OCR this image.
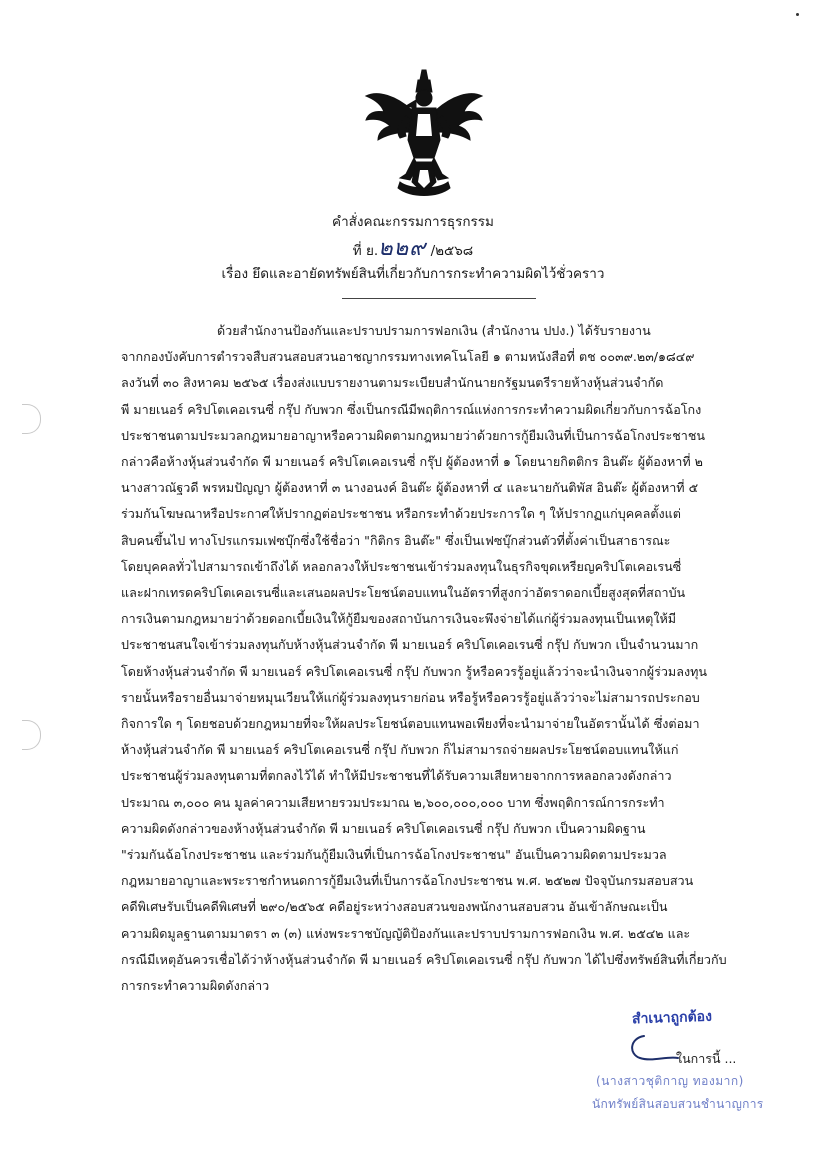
คำสั่งคณะกรรมการธุรกรรม
ที่ ย.๒๒๙ /๒๕๖๘
เรื่อง ยึดและอายัดทรัพย์สินที่เกี่ยวกับการกระทำความผิดไว้ชั่วคราว

ด้วยสำนักงานป้องกันและปราบปรามการฟอกเงิน (สำนักงาน ปปง.) ได้รับรายงาน

จากกองบังคับการตำรวจสืบสวนสอบสวนอาชญากรรมทางเทคโนโลยี ๑ ตามหนังสือที่ ตช ๐๐๓๙.๒๓/๑๘๔๙

ลงวันที่ ๓๐ สิงหาคม ๒๕๖๕ เรื่องส่งแบบรายงานตามระเบียบสำนักนายกรัฐมนตรีรายห้างหุ้นส่วนจำกัด

พี มายเนอร์ คริปโตเคอเรนซี่ กรุ๊ป กับพวก ซึ่งเป็นกรณีมีพฤติการณ์แห่งการกระทำความผิดเกี่ยวกับการฉ้อโกง

ประชาชนตามประมวลกฎหมายอาญาหรือความผิดตามกฎหมายว่าด้วยการกู้ยืมเงินที่เป็นการฉ้อโกงประชาชน

กล่าวคือห้างหุ้นส่วนจำกัด พี มายเนอร์ คริปโตเคอเรนซี่ กรุ๊ป ผู้ต้องหาที่ ๑ โดยนายกิตติกร อินต๊ะ ผู้ต้องหาที่ ๒

นางสาวณัฐวดี พรหมปัญญา ผู้ต้องหาที่ ๓ นางอนงค์ อินต๊ะ ผู้ต้องหาที่ ๔ และนายกันติพัส อินต๊ะ ผู้ต้องหาที่ ๕

ร่วมกันโฆษณาหรือประกาศให้ปรากฏต่อประชาชน หรือกระทำด้วยประการใด ๆ ให้ปรากฏแก่บุคคลตั้งแต่

สิบคนขึ้นไป ทางโปรแกรมเฟซบุ๊กซึ่งใช้ชื่อว่า "กิติกร อินต๊ะ" ซึ่งเป็นเฟซบุ๊กส่วนตัวที่ตั้งค่าเป็นสาธารณะ

โดยบุคคลทั่วไปสามารถเข้าถึงได้ หลอกลวงให้ประชาชนเข้าร่วมลงทุนในธุรกิจขุดเหรียญคริปโตเคอเรนซี่

และฝากเทรดคริปโตเคอเรนซี่และเสนอผลประโยชน์ตอบแทนในอัตราที่สูงกว่าอัตราดอกเบี้ยสูงสุดที่สถาบัน

การเงินตามกฎหมายว่าด้วยดอกเบี้ยเงินให้กู้ยืมของสถาบันการเงินจะพึงจ่ายได้แก่ผู้ร่วมลงทุนเป็นเหตุให้มี

ประชาชนสนใจเข้าร่วมลงทุนกับห้างหุ้นส่วนจำกัด พี มายเนอร์ คริปโตเคอเรนซี่ กรุ๊ป กับพวก เป็นจำนวนมาก

โดยห้างหุ้นส่วนจำกัด พี มายเนอร์ คริปโตเคอเรนซี่ กรุ๊ป กับพวก รู้หรือควรรู้อยู่แล้วว่าจะนำเงินจากผู้ร่วมลงทุน

รายนั้นหรือรายอื่นมาจ่ายหมุนเวียนให้แก่ผู้ร่วมลงทุนรายก่อน หรือรู้หรือควรรู้อยู่แล้วว่าจะไม่สามารถประกอบ

กิจการใด ๆ โดยชอบด้วยกฎหมายที่จะให้ผลประโยชน์ตอบแทนพอเพียงที่จะนำมาจ่ายในอัตรานั้นได้ ซึ่งต่อมา

ห้างหุ้นส่วนจำกัด พี มายเนอร์ คริปโตเคอเรนซี่ กรุ๊ป กับพวก ก็ไม่สามารถจ่ายผลประโยชน์ตอบแทนให้แก่

ประชาชนผู้ร่วมลงทุนตามที่ตกลงไว้ได้ ทำให้มีประชาชนที่ได้รับความเสียหายจากการหลอกลวงดังกล่าว

ประมาณ ๓,๐๐๐ คน มูลค่าความเสียหายรวมประมาณ ๒,๖๐๐,๐๐๐,๐๐๐ บาท ซึ่งพฤติการณ์การกระทำ

ความผิดดังกล่าวของห้างหุ้นส่วนจำกัด พี มายเนอร์ คริปโตเคอเรนซี่ กรุ๊ป กับพวก เป็นความผิดฐาน

"ร่วมกันฉ้อโกงประชาชน และร่วมกันกู้ยืมเงินที่เป็นการฉ้อโกงประชาชน" อันเป็นความผิดตามประมวล

กฎหมายอาญาและพระราชกำหนดการกู้ยืมเงินที่เป็นการฉ้อโกงประชาชน พ.ศ. ๒๕๒๗ ปัจจุบันกรมสอบสวน

คดีพิเศษรับเป็นคดีพิเศษที่ ๒๙๐/๒๕๖๕ คดีอยู่ระหว่างสอบสวนของพนักงานสอบสวน อันเข้าลักษณะเป็น

ความผิดมูลฐานตามมาตรา ๓ (๓) แห่งพระราชบัญญัติป้องกันและปราบปรามการฟอกเงิน พ.ศ. ๒๕๔๒ และ

กรณีมีเหตุอันควรเชื่อได้ว่าห้างหุ้นส่วนจำกัด พี มายเนอร์ คริปโตเคอเรนซี่ กรุ๊ป กับพวก ได้ไปซึ่งทรัพย์สินที่เกี่ยวกับ

การกระทำความผิดดังกล่าว

สำเนาถูกต้อง
ในการนี้ ...
(นางสาวชุติกาญ ทองมาก)
นักทรัพย์สินสอบสวนชำนาญการ
